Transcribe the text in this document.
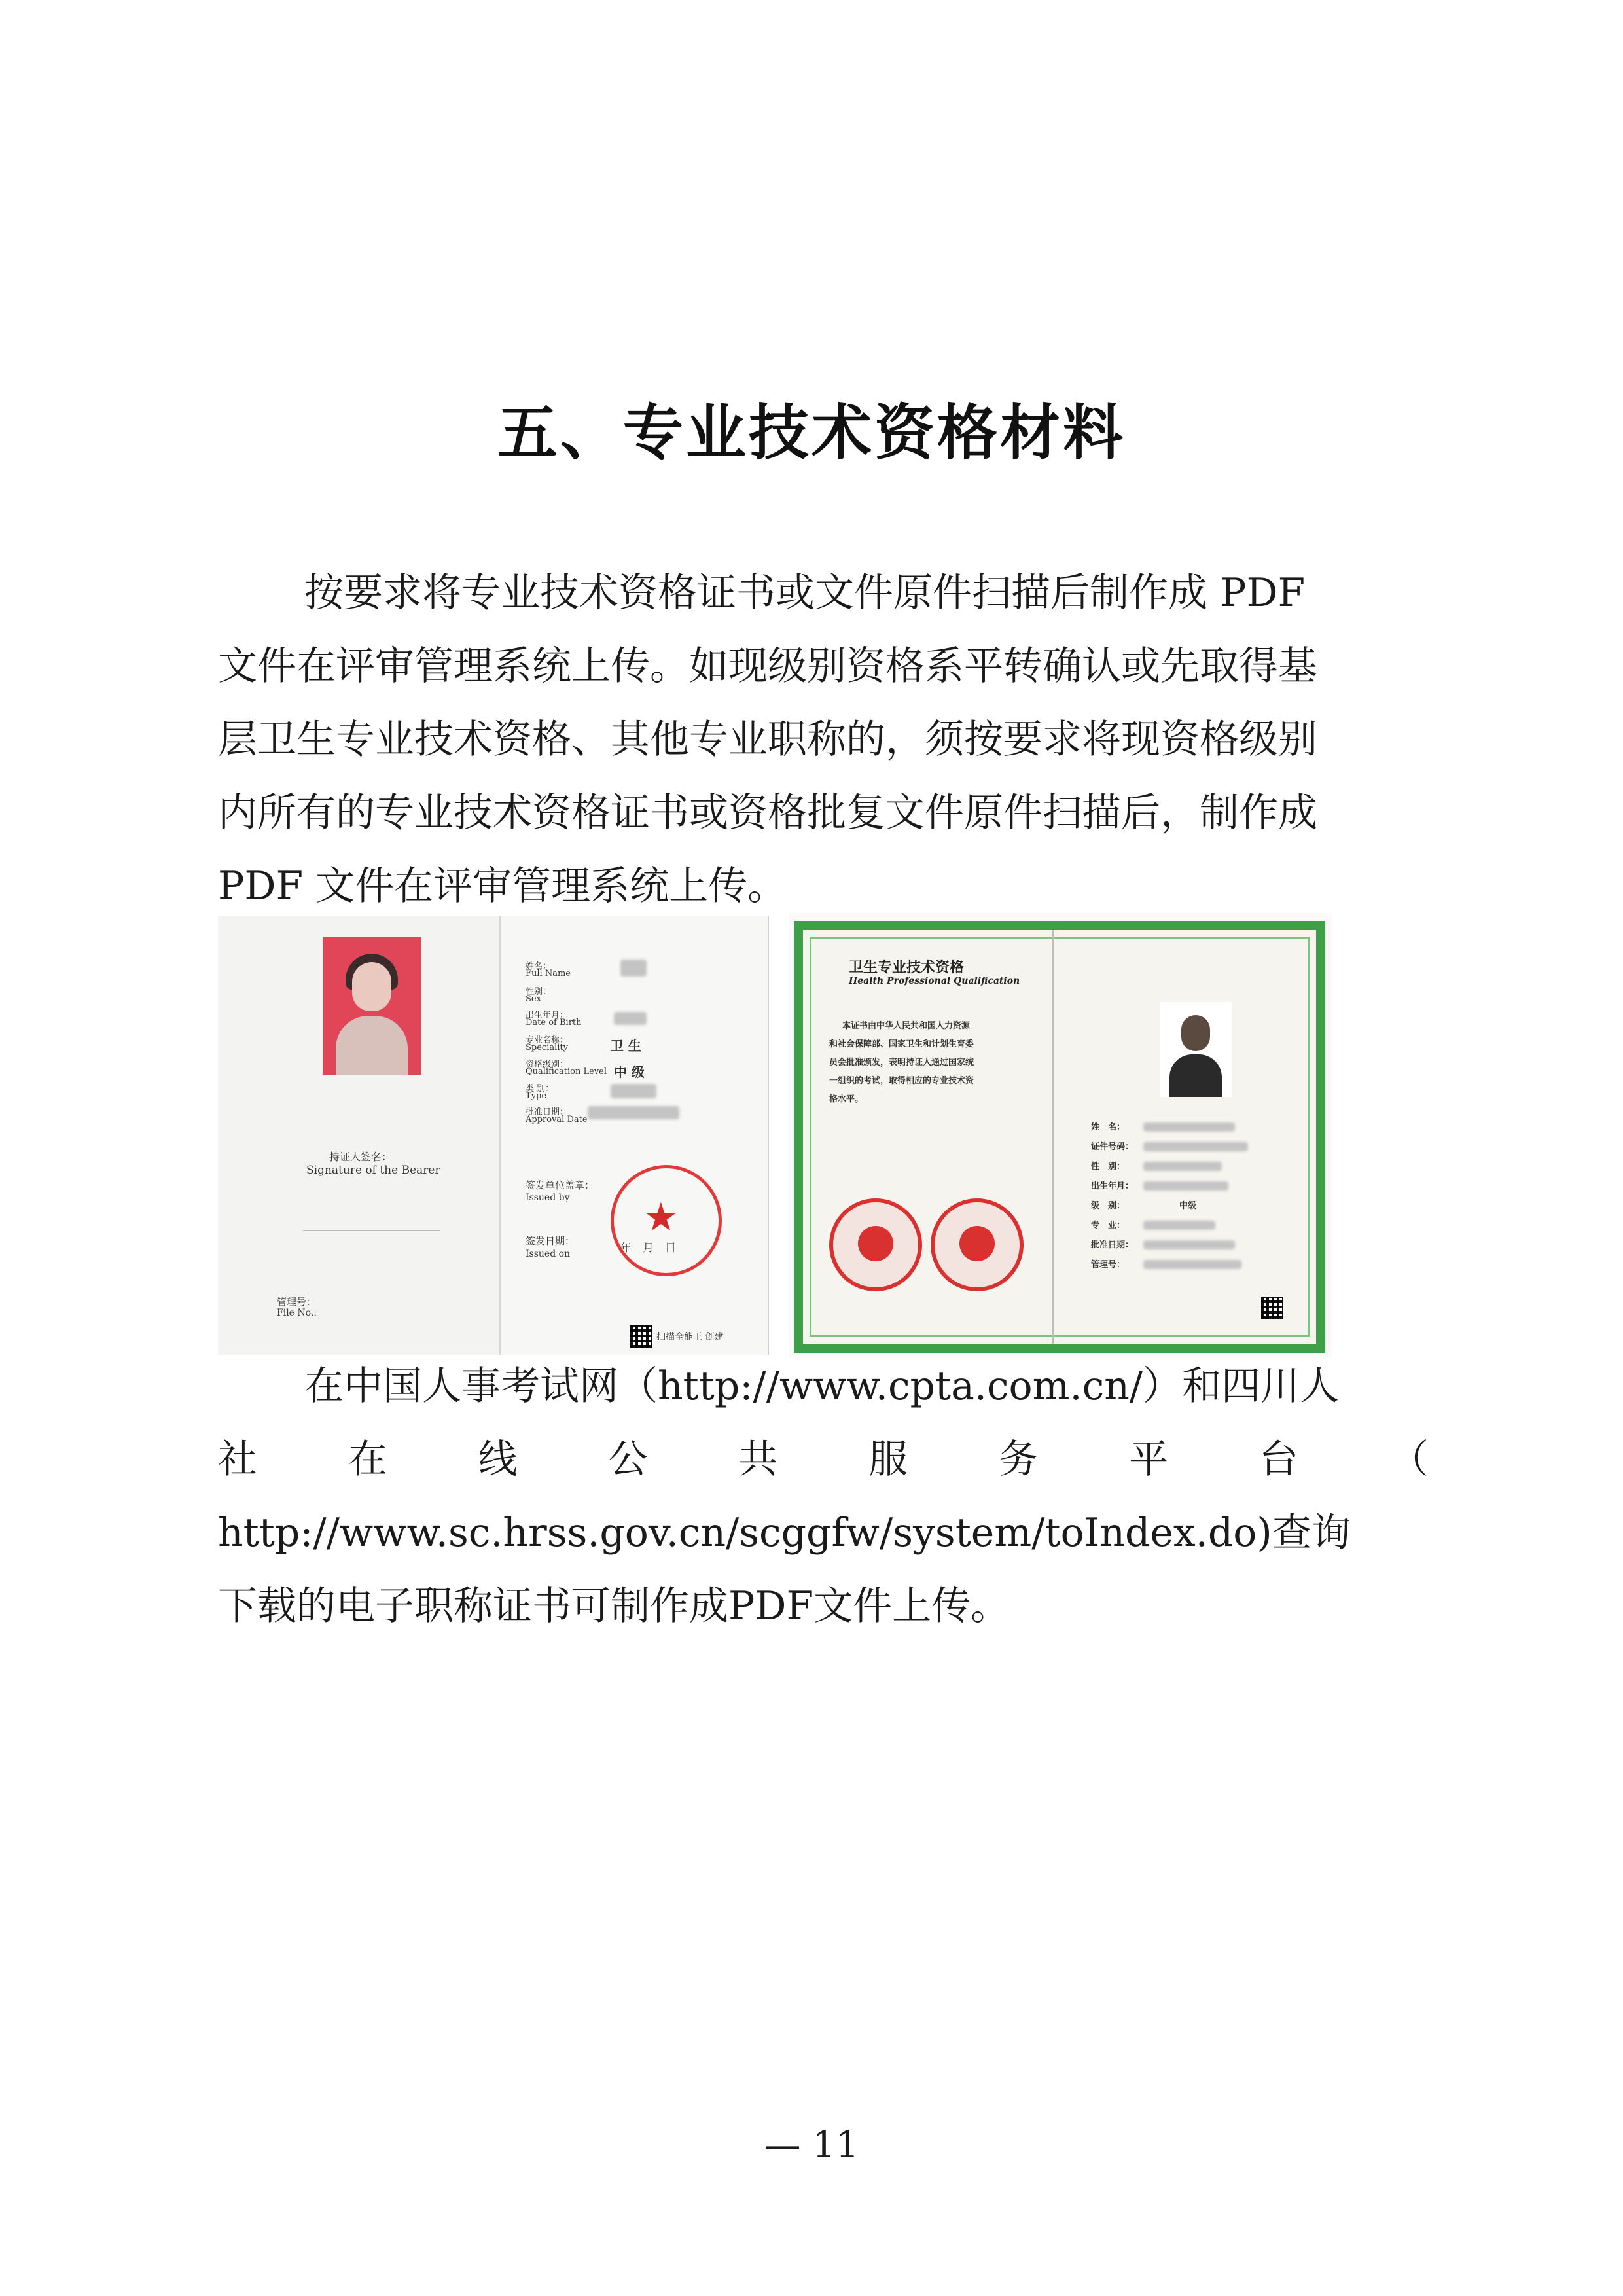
五、专业技术资格材料
按要求将专业技术资格证书或文件原件扫描后制作成 PDF
文件在评审管理系统上传。如现级别资格系平转确认或先取得基
层卫生专业技术资格、其他专业职称的，须按要求将现资格级别
内所有的专业技术资格证书或资格批复文件原件扫描后，制作成
PDF 文件在评审管理系统上传。
持证人签名：
Signature of the Bearer
管理号：
File No.:
姓名：
Full Name
性别：
Sex
出生年月：
Date of Birth
专业名称：
Speciality	卫 生
资格级别：
Qualification Level 中 级
类 别：
Type
批准日期：
Approval Date
签发单位盖章：
Issued by
签发日期：
Issued on	年　月　日
★
扫描全能王 创建
卫生专业技术资格
Health Professional Qualification
本证书由中华人民共和国人力资源
和社会保障部、国家卫生和计划生育委
员会批准颁发，表明持证人通过国家统
一组织的考试，取得相应的专业技术资
格水平。
姓　名：
证件号码：
性　别：
出生年月：
级　别：
专　业：
批准日期：
管理号：
中级
在中国人事考试网（http://www.cpta.com.cn/）和四川人
社 在 线 公 共 服 务 平 台 （
http://www.sc.hrss.gov.cn/scggfw/system/toIndex.do)查询
下载的电子职称证书可制作成PDF文件上传。
— 11
